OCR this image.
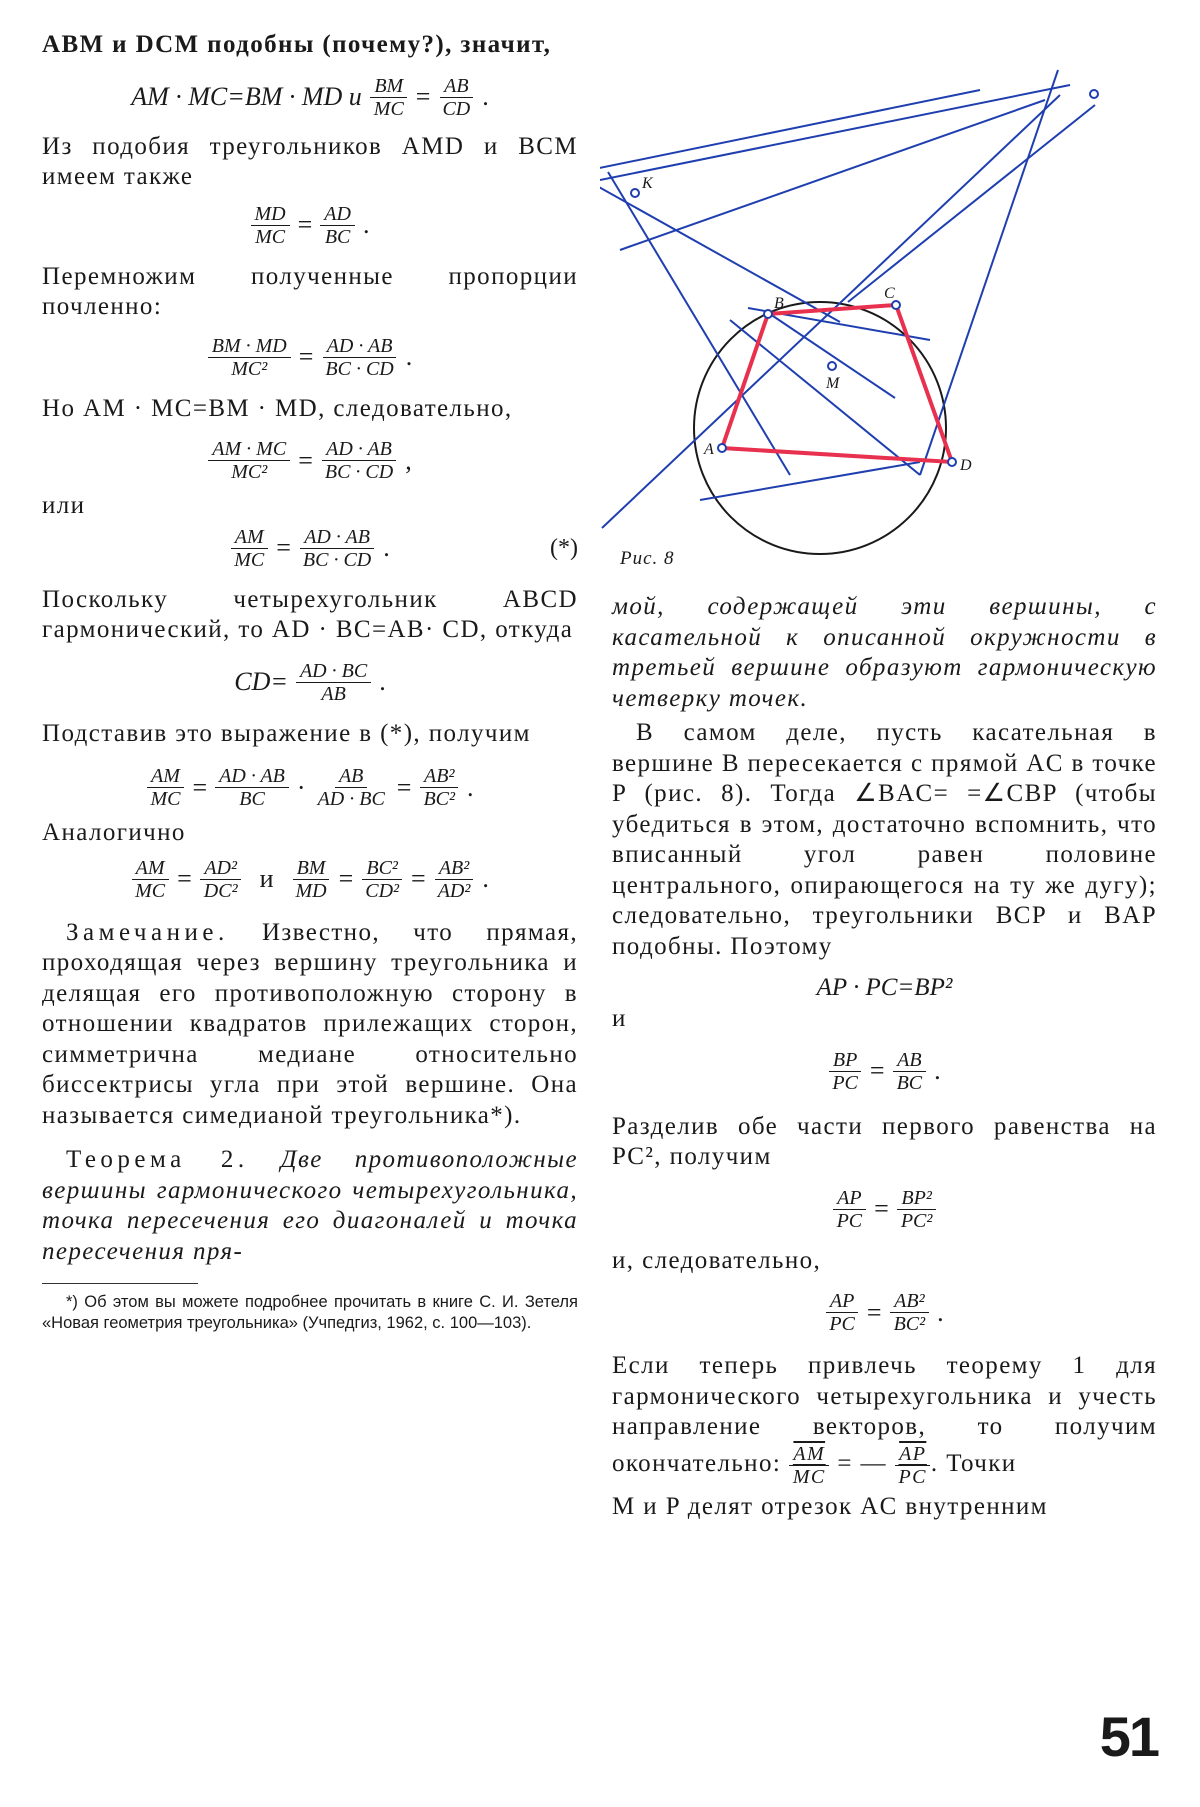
ABM и DCM подобны (почему?), значит,

AM · MC=BM · MD и $\frac{BM}{MC} = \frac{AB}{CD}$ .

Из подобия треугольников AMD и BCM имеем также

$\frac{MD}{MC} = \frac{AD}{BC}$ .

Перемножим полученные пропорции почленно:

$\frac{BM \cdot MD}{\text{MC²}} = \frac{AD \cdot AB}{BC \cdot CD}$ .

Но AM · MC=BM · MD, следовательно,

$\frac{AM \cdot MC}{\text{MC²}} = \frac{AD \cdot AB}{BC \cdot CD}$ ,

или

$\frac{AM}{MC} = \frac{AD \cdot AB}{BC \cdot CD}$ .	(*)

Поскольку четырехугольник ABCD гармонический, то AD · BC=AB· CD, откуда

$CD= \frac{AD \cdot BC}{AB}$ .

Подставив это выражение в (*), получим

$\frac{AM}{MC} = \frac{AD \cdot AB}{BC} \cdot \frac{AB}{AD \cdot BC} = \frac{\text{AB²}}{\text{BC²}}$ .

Аналогично

$\frac{AM}{MC} = \frac{\text{AD²}}{\text{DC²}}$ и $\frac{BM}{MD} = \frac{\text{BC²}}{\text{CD²}} = \frac{\text{AB²}}{\text{AD²}}$ .

Замечание. Известно, что прямая, проходящая через вершину треугольника и делящая его противоположную сторону в отношении квадратов прилежащих сторон, симметрична медиане относительно биссектрисы угла при этой вершине. Она называется симедианой треугольника*).

Теорема 2. Две противоположные вершины гармонического четырехугольника, точка пересечения его диагоналей и точка пересечения пря-

*) Об этом вы можете подробнее прочитать в книге С. И. Зетеля «Новая геометрия треугольника» (Учпедгиз, 1962, с. 100—103).

K
B
C
M
A
D
Рис. 8

мой, содержащей эти вершины, с касательной к описанной окружности в третьей вершине образуют гармоническую четверку точек.

В самом деле, пусть касательная в вершине B пересекается с прямой AC в точке P (рис. 8). Тогда ∠BAC= =∠CBP (чтобы убедиться в этом, достаточно вспомнить, что вписанный угол равен половине центрального, опирающегося на ту же дугу); следовательно, треугольники BCP и BAP подобны. Поэтому

AP · PC=BP²

и

$\frac{BP}{PC} = \frac{AB}{BC}$ .

Разделив обе части первого равенства на PC², получим

$\frac{AP}{PC} = \frac{\text{BP²}}{\text{PC²}}$

и, следовательно,

$\frac{AP}{PC} = \frac{\text{AB²}}{\text{BC²}}$ .

Если теперь привлечь теорему 1 для гармонического четырехугольника и учесть направление векторов, то получим окончательно: $\frac{\overline{AM}}{MC}$ = — $\frac{\overline{AP}}{PC}$ . Точки

M и P делят отрезок AC внутренним

51
